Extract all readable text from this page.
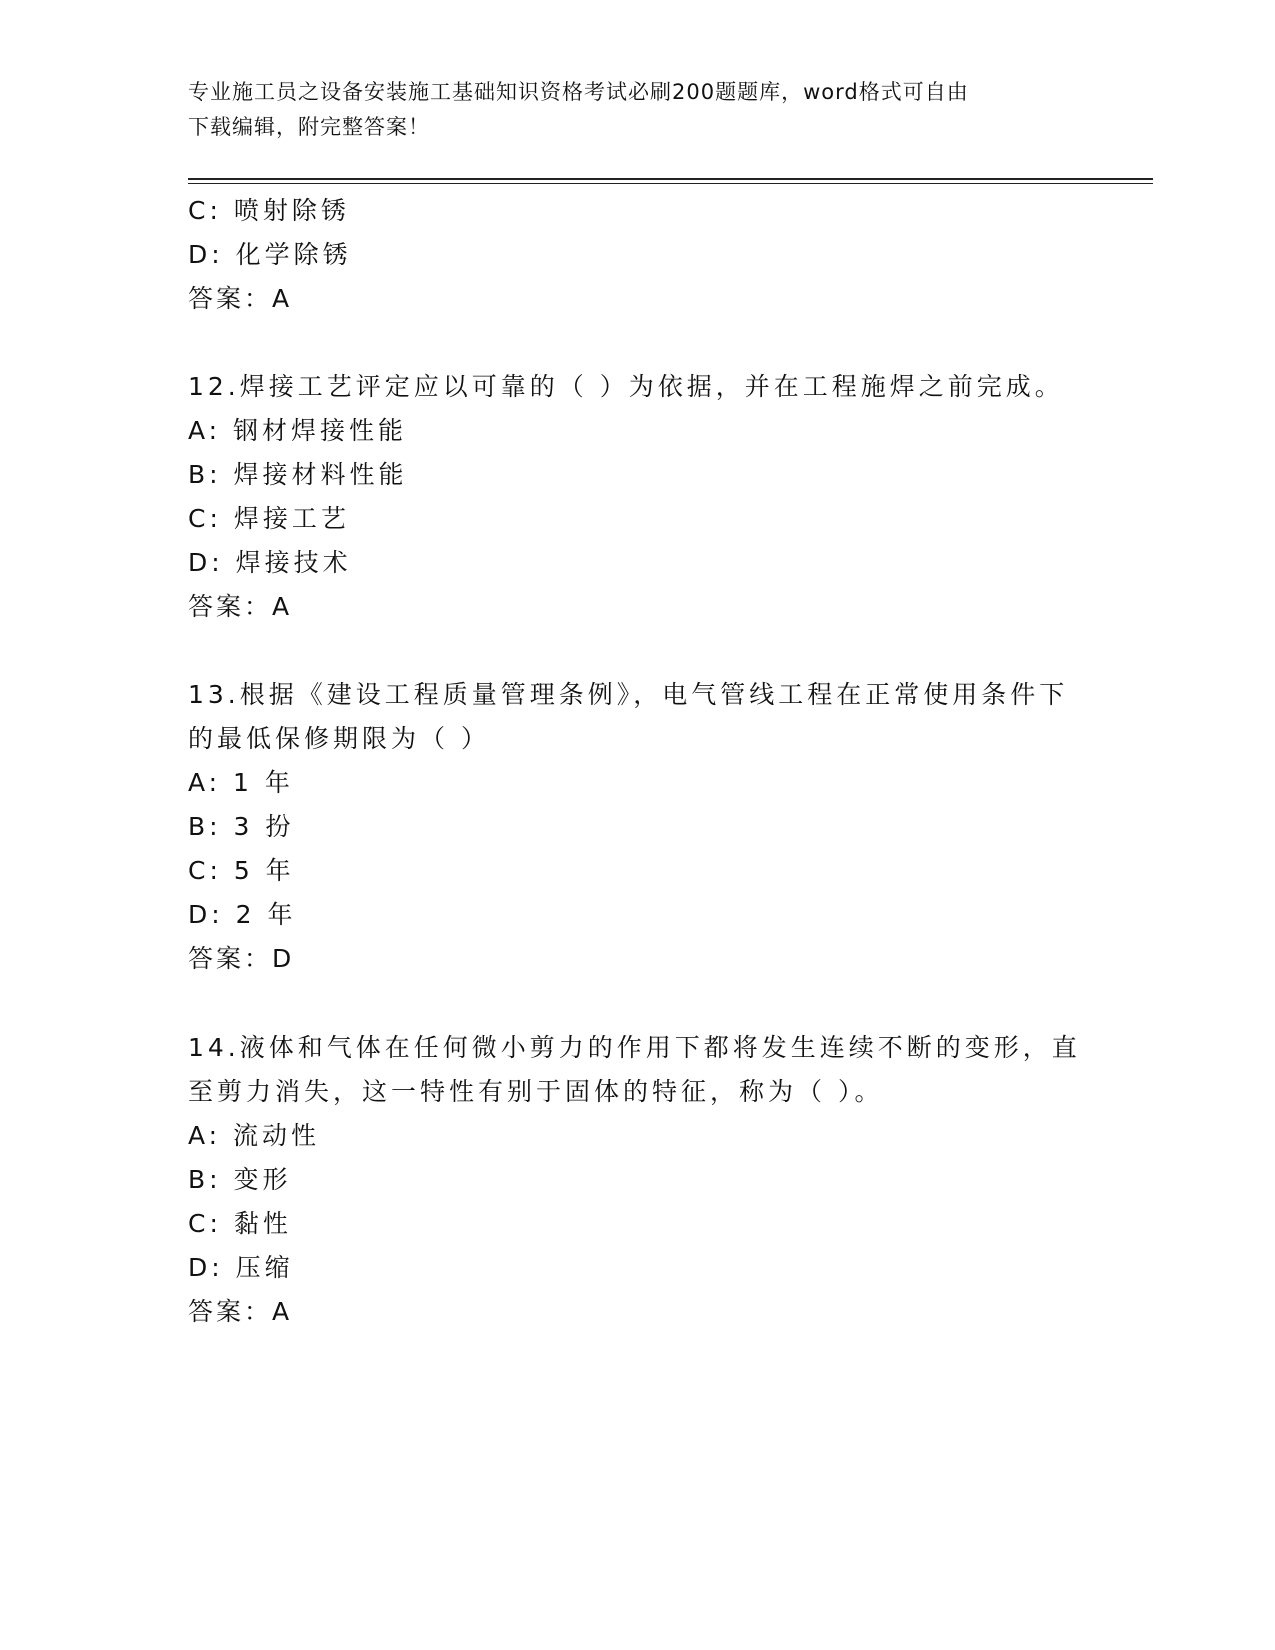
专业施工员之设备安装施工基础知识资格考试必刷200题题库，word格式可自由
下载编辑，附完整答案！
C: 喷射除锈
D: 化学除锈
答案：A
12.焊接工艺评定应以可靠的（ ）为依据，并在工程施焊之前完成。
A: 钢材焊接性能
B: 焊接材料性能
C: 焊接工艺
D: 焊接技术
答案：A
13.根据《建设工程质量管理条例》，电气管线工程在正常使用条件下
的最低保修期限为（ ）
A: 1 年
B: 3 扮
C: 5 年
D: 2 年
答案：D
14.液体和气体在任何微小剪力的作用下都将发生连续不断的变形，直
至剪力消失，这一特性有别于固体的特征，称为（ ）。
A: 流动性
B: 变形
C: 黏性
D: 压缩
答案：A
